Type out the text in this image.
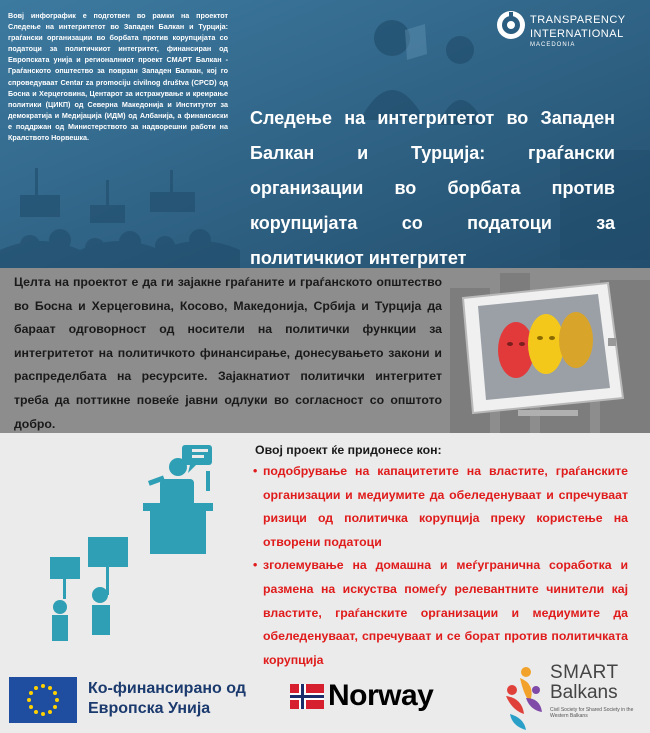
Вовј инфографик е подготвен во рамки на проектот Следење на интегритетот во Западен Балкан и Турција: граѓански организации во борбата против корупцијата со податоци за политичкиот интегритет, финансиран од Европската унија и регионалниот проект СМАРТ Балкан - Граѓанското општество за поврзан Западен Балкан, кој го спроведуваат Centar za promociju civilnog društva (CPCD) од Босна и Херцеговина, Центарот за истражување и креирање политики (ЦИКП) од Северна Македонија и Институтот за демократија и Медијација (ИДМ) од Албанија, а финансиски е поддржан од Министерството за надворешни работи на Кралството Норвешка.

TRANSPARENCY
INTERNATIONAL
MACEDONIA
Следење на интегритетот во Западен Балкан и Турција: граѓански организации во борбата против корупцијата со податоци за политичкиот интегритет

Целта на проектот е да ги зајакне граѓаните и граѓанското општество во Босна и Херцеговина, Косово, Македонија, Србија и Турција да бараат одговорност од носители на политички функции за интегритетот на политичкото финансирање, донесувањето закони и распределбата на ресурсите. Зајакнатиот политички интегритет треба да поттикне повеќе јавни одлуки во согласност со општото добро.

Овој проект ќе придонесе кон:
• подобрување на капацитетите на властите, граѓанските организации и медиумите да обеледенуваат и спречуваат ризици од политичка корупција преку користење на отворени податоци
• зголемување на домашна и меѓугранична соработка и размена на искуства помеѓу релевантните чинители кај властите, граѓанските организации и медиумите да обеледенуваат, спречуваат и се борат против политичката корупција
Ко-финансирано од
Европска Унија	Norway
SMART
Balkans
Civil Society for Shared Society in the Western Balkans
